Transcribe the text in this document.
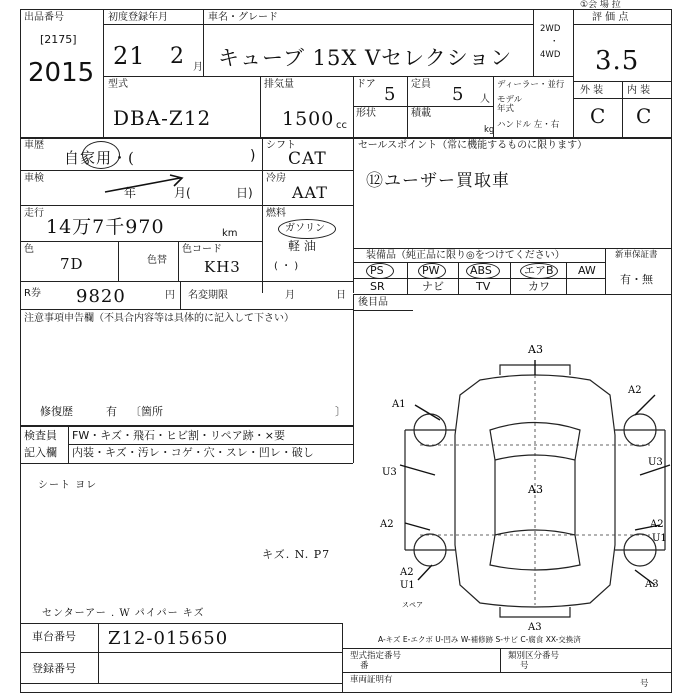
出品番号
[2175]
2015
初度登録年月
21 2 月
車名・グレード
キューブ 15X Vセレクション
2WD
・
4WD
①会 場 拉
評 価 点
3.5
型式
DBA-Z12
排気量
1500 cc
ドア 5 定員 5 人
形状	積載
kg
ディーラー・並行
モデル
年式
ハンドル 左・右
外 装 内 装
C C
車歴
自家用・(	)
シフト
CAT
車検
年	月(	日)
冷房
AAT
走行
14万7千970	km
燃料
ガソリン
軽 油
( ・ )
色
7D	色替
色コード
KH3
R券 9820	円 名変期限	月	日
セールスポイント（常に機能するものに限ります）
⑫ユーザー買取車
装備品（純正品に限り◎をつけてください）	新車保証書
有・無
PS	PW	ABS	エアB AW
SR	ナビ	TV	カワ
後目品
注意事項申告欄（不具合内容等は具体的に記入して下さい）
修復歴	有 〔箇所	〕
検査員
記入欄
FW・キズ・飛石・ヒビ割・リペア跡・×要
内装・キズ・汚レ・コゲ・穴・スレ・凹レ・破し
シート ヨレ
キズ. N. P7
センターアー . W パイパー キズ
A3
A1
A2
U3
A3
U3
A2	A2
U1
A2
U1
A3
A3
スペア
A-キズ E-エクボ U-凹み W-補修跡 S-サビ C-腐食 XX-交換済
車台番号 Z12-015650
登録番号
型式指定番号
番
類別区分番号
号
車両証明有	号
